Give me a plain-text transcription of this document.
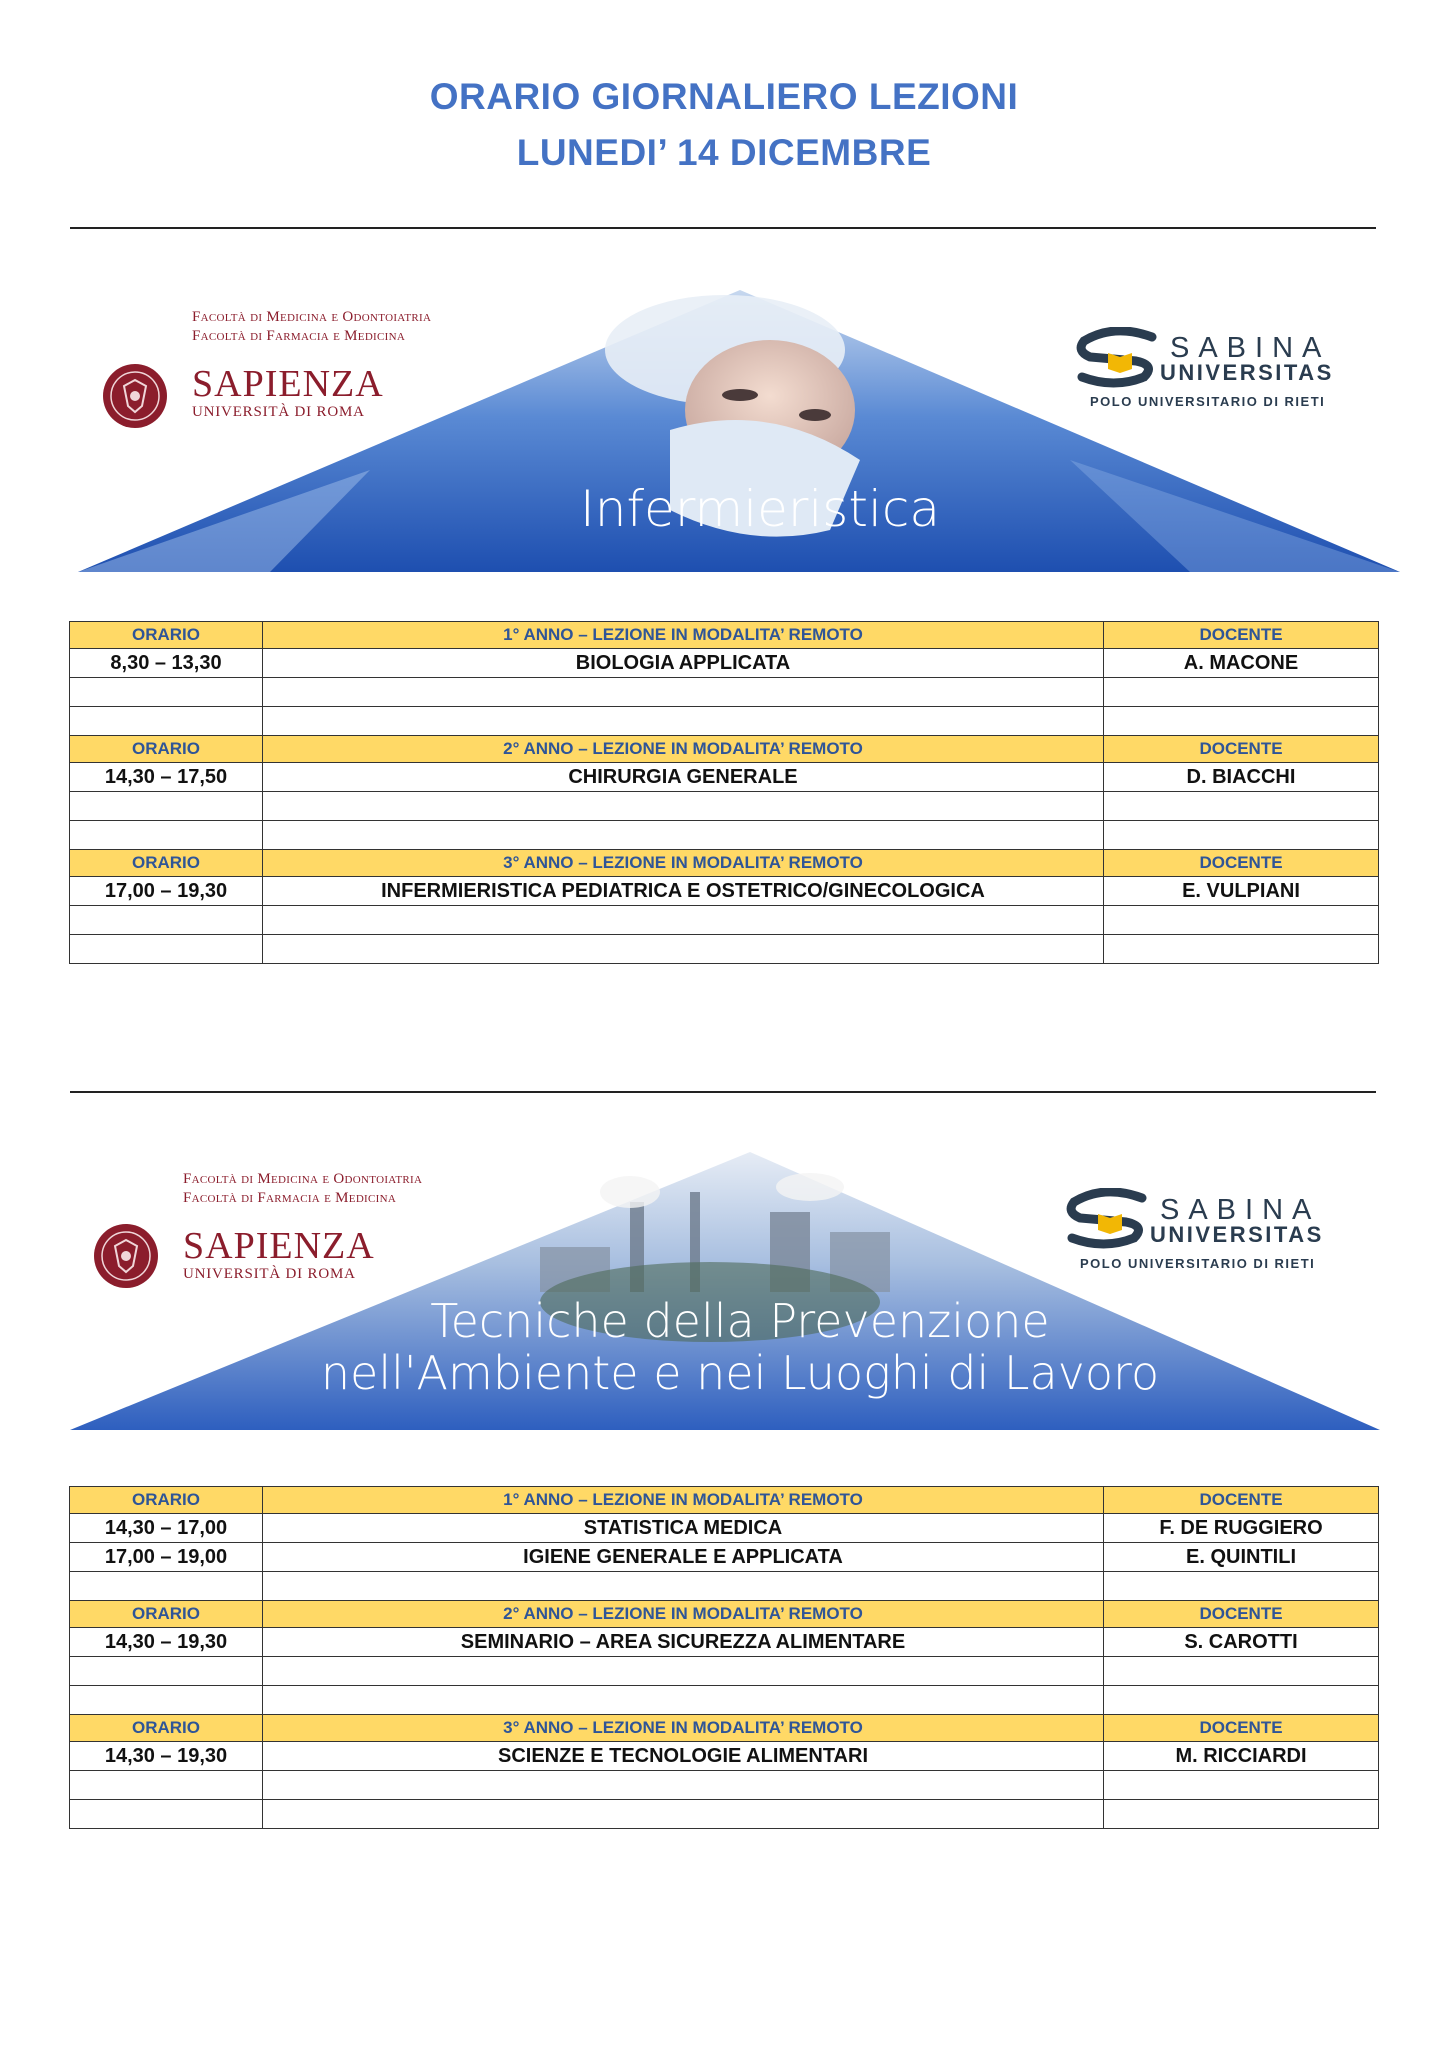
ORARIO GIORNALIERO LEZIONI
LUNEDI’ 14 DICEMBRE
Infermieristica
Facoltà di Medicina e Odontoiatria
Facoltà di Farmacia e Medicina
SAPIENZA
UNIVERSITÀ DI ROMA
SABINA
UNIVERSITAS
POLO UNIVERSITARIO DI RIETI
ORARIO	1° ANNO – LEZIONE IN MODALITA’ REMOTO	DOCENTE
8,30 – 13,30	BIOLOGIA APPLICATA	A. MACONE

ORARIO	2° ANNO – LEZIONE IN MODALITA’ REMOTO	DOCENTE
14,30 – 17,50	CHIRURGIA GENERALE	D. BIACCHI

ORARIO	3° ANNO – LEZIONE IN MODALITA’ REMOTO	DOCENTE
17,00 – 19,30	INFERMIERISTICA PEDIATRICA E OSTETRICO/GINECOLOGICA	E. VULPIANI

Tecniche della Prevenzione
nell'Ambiente e nei Luoghi di Lavoro
Facoltà di Medicina e Odontoiatria
Facoltà di Farmacia e Medicina
SAPIENZA
UNIVERSITÀ DI ROMA
SABINA
UNIVERSITAS
POLO UNIVERSITARIO DI RIETI
ORARIO	1° ANNO – LEZIONE IN MODALITA’ REMOTO	DOCENTE
14,30 – 17,00	STATISTICA MEDICA	F. DE RUGGIERO
17,00 – 19,00	IGIENE GENERALE E APPLICATA	E. QUINTILI

ORARIO	2° ANNO – LEZIONE IN MODALITA’ REMOTO	DOCENTE
14,30 – 19,30	SEMINARIO – AREA SICUREZZA ALIMENTARE	S. CAROTTI

ORARIO	3° ANNO – LEZIONE IN MODALITA’ REMOTO	DOCENTE
14,30 – 19,30	SCIENZE E TECNOLOGIE ALIMENTARI	M. RICCIARDI
